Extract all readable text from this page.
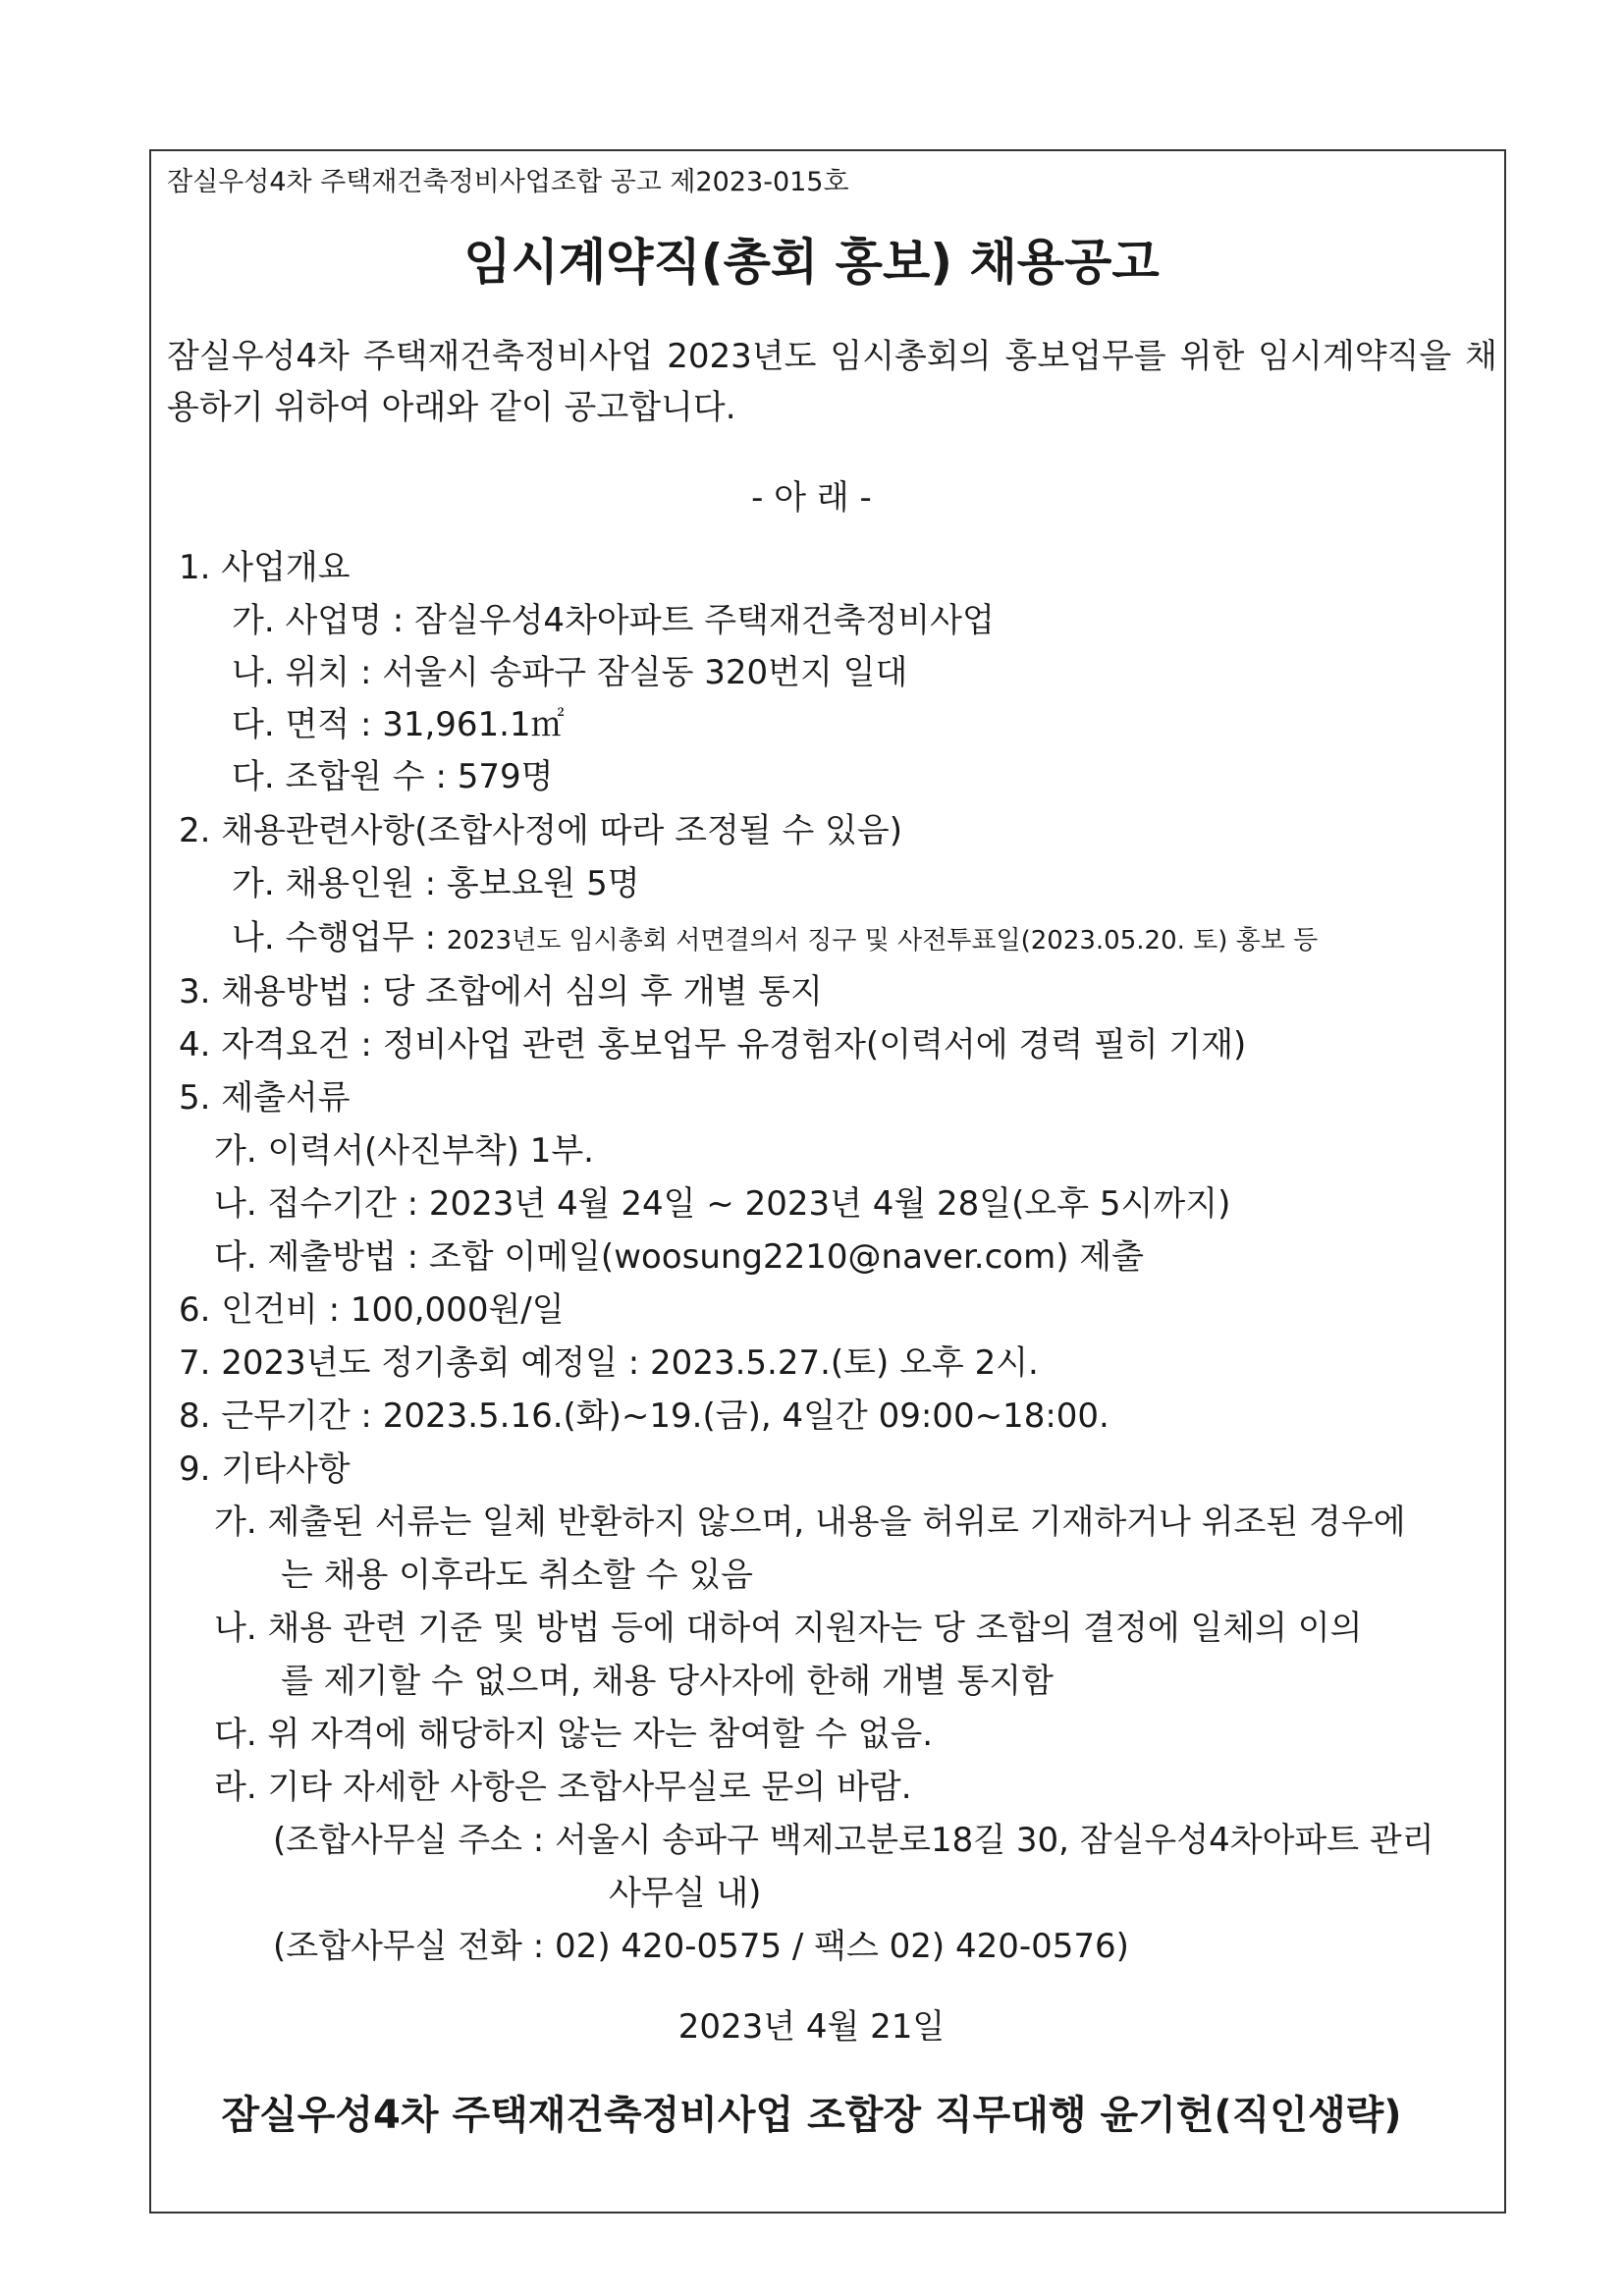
잠실우성4차 주택재건축정비사업조합 공고 제2023-015호
임시계약직(총회 홍보) 채용공고
잠실우성4차 주택재건축정비사업 2023년도 임시총회의 홍보업무를 위한 임시계약직을 채용하기 위하여 아래와 같이 공고합니다.
- 아 래 -
1. 사업개요
가. 사업명 : 잠실우성4차아파트 주택재건축정비사업
나. 위치 : 서울시 송파구 잠실동 320번지 일대
다. 면적 : 31,961.1㎡
다. 조합원 수 : 579명
2. 채용관련사항(조합사정에 따라 조정될 수 있음)
가. 채용인원 : 홍보요원 5명
나. 수행업무 : 2023년도 임시총회 서면결의서 징구 및 사전투표일(2023.05.20. 토) 홍보 등
3. 채용방법 : 당 조합에서 심의 후 개별 통지
4. 자격요건 : 정비사업 관련 홍보업무 유경험자(이력서에 경력 필히 기재)
5. 제출서류
가. 이력서(사진부착) 1부.
나. 접수기간 : 2023년 4월 24일 ~ 2023년 4월 28일(오후 5시까지)
다. 제출방법 : 조합 이메일(woosung2210@naver.com) 제출
6. 인건비 : 100,000원/일
7. 2023년도 정기총회 예정일 : 2023.5.27.(토) 오후 2시.
8. 근무기간 : 2023.5.16.(화)~19.(금), 4일간 09:00~18:00.
9. 기타사항
가. 제출된 서류는 일체 반환하지 않으며, 내용을 허위로 기재하거나 위조된 경우에
는 채용 이후라도 취소할 수 있음
나. 채용 관련 기준 및 방법 등에 대하여 지원자는 당 조합의 결정에 일체의 이의
를 제기할 수 없으며, 채용 당사자에 한해 개별 통지함
다. 위 자격에 해당하지 않는 자는 참여할 수 없음.
라. 기타 자세한 사항은 조합사무실로 문의 바람.
(조합사무실 주소 : 서울시 송파구 백제고분로18길 30, 잠실우성4차아파트 관리
사무실 내)
(조합사무실 전화 : 02) 420-0575 / 팩스 02) 420-0576)
2023년 4월 21일
잠실우성4차 주택재건축정비사업 조합장 직무대행 윤기헌(직인생략)
